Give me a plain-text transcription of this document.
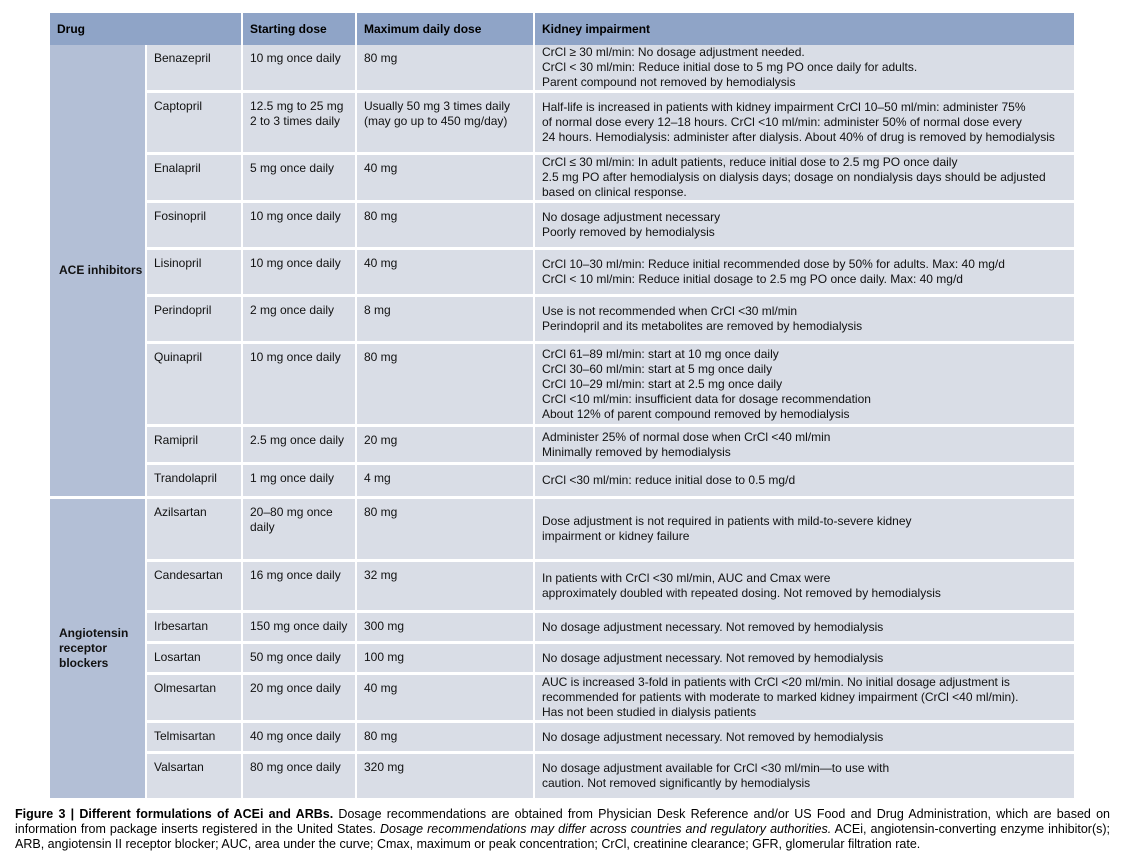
Drug		Starting dose	Maximum daily dose	Kidney impairment
ACE inhibitors	Benazepril	10 mg once daily	80 mg	CrCl ≥ 30 ml/min: No dosage adjustment needed.
CrCl < 30 ml/min: Reduce initial dose to 5 mg PO once daily for adults.
Parent compound not removed by hemodialysis
	Captopril	12.5 mg to 25 mg
2 to 3 times daily	Usually 50 mg 3 times daily
(may go up to 450 mg/day)	Half-life is increased in patients with kidney impairment CrCl 10–50 ml/min: administer 75%
of normal dose every 12–18 hours. CrCl <10 ml/min: administer 50% of normal dose every
24 hours. Hemodialysis: administer after dialysis. About 40% of drug is removed by hemodialysis
	Enalapril	5 mg once daily	40 mg	CrCl ≤ 30 ml/min: In adult patients, reduce initial dose to 2.5 mg PO once daily
2.5 mg PO after hemodialysis on dialysis days; dosage on nondialysis days should be adjusted
based on clinical response.
	Fosinopril	10 mg once daily	80 mg	No dosage adjustment necessary
Poorly removed by hemodialysis
	Lisinopril	10 mg once daily	40 mg	CrCl 10–30 ml/min: Reduce initial recommended dose by 50% for adults. Max: 40 mg/d
CrCl < 10 ml/min: Reduce initial dosage to 2.5 mg PO once daily. Max: 40 mg/d
	Perindopril	2 mg once daily	8 mg	Use is not recommended when CrCl <30 ml/min
Perindopril and its metabolites are removed by hemodialysis
	Quinapril	10 mg once daily	80 mg	CrCl 61–89 ml/min: start at 10 mg once daily
CrCl 30–60 ml/min: start at 5 mg once daily
CrCl 10–29 ml/min: start at 2.5 mg once daily
CrCl <10 ml/min: insufficient data for dosage recommendation
About 12% of parent compound removed by hemodialysis
	Ramipril	2.5 mg once daily	20 mg	Administer 25% of normal dose when CrCl <40 ml/min
Minimally removed by hemodialysis
	Trandolapril	1 mg once daily	4 mg	CrCl <30 ml/min: reduce initial dose to 0.5 mg/d
Angiotensin receptor blockers	Azilsartan	20–80 mg once
daily	80 mg	Dose adjustment is not required in patients with mild-to-severe kidney
impairment or kidney failure
	Candesartan	16 mg once daily	32 mg	In patients with CrCl <30 ml/min, AUC and Cmax were
approximately doubled with repeated dosing. Not removed by hemodialysis
	Irbesartan	150 mg once daily	300 mg	No dosage adjustment necessary. Not removed by hemodialysis
	Losartan	50 mg once daily	100 mg	No dosage adjustment necessary. Not removed by hemodialysis
	Olmesartan	20 mg once daily	40 mg	AUC is increased 3-fold in patients with CrCl <20 ml/min. No initial dosage adjustment is
recommended for patients with moderate to marked kidney impairment (CrCl <40 ml/min).
Has not been studied in dialysis patients
	Telmisartan	40 mg once daily	80 mg	No dosage adjustment necessary. Not removed by hemodialysis
	Valsartan	80 mg once daily	320 mg	No dosage adjustment available for CrCl <30 ml/min—to use with
caution. Not removed significantly by hemodialysis
Figure 3 | Different formulations of ACEi and ARBs. Dosage recommendations are obtained from Physician Desk Reference and/or US Food and Drug Administration, which are based on information from package inserts registered in the United States. Dosage recommendations may differ across countries and regulatory authorities. ACEi, angiotensin-converting enzyme inhibitor(s); ARB, angiotensin II receptor blocker; AUC, area under the curve; Cmax, maximum or peak concentration; CrCl, creatinine clearance; GFR, glomerular filtration rate.
